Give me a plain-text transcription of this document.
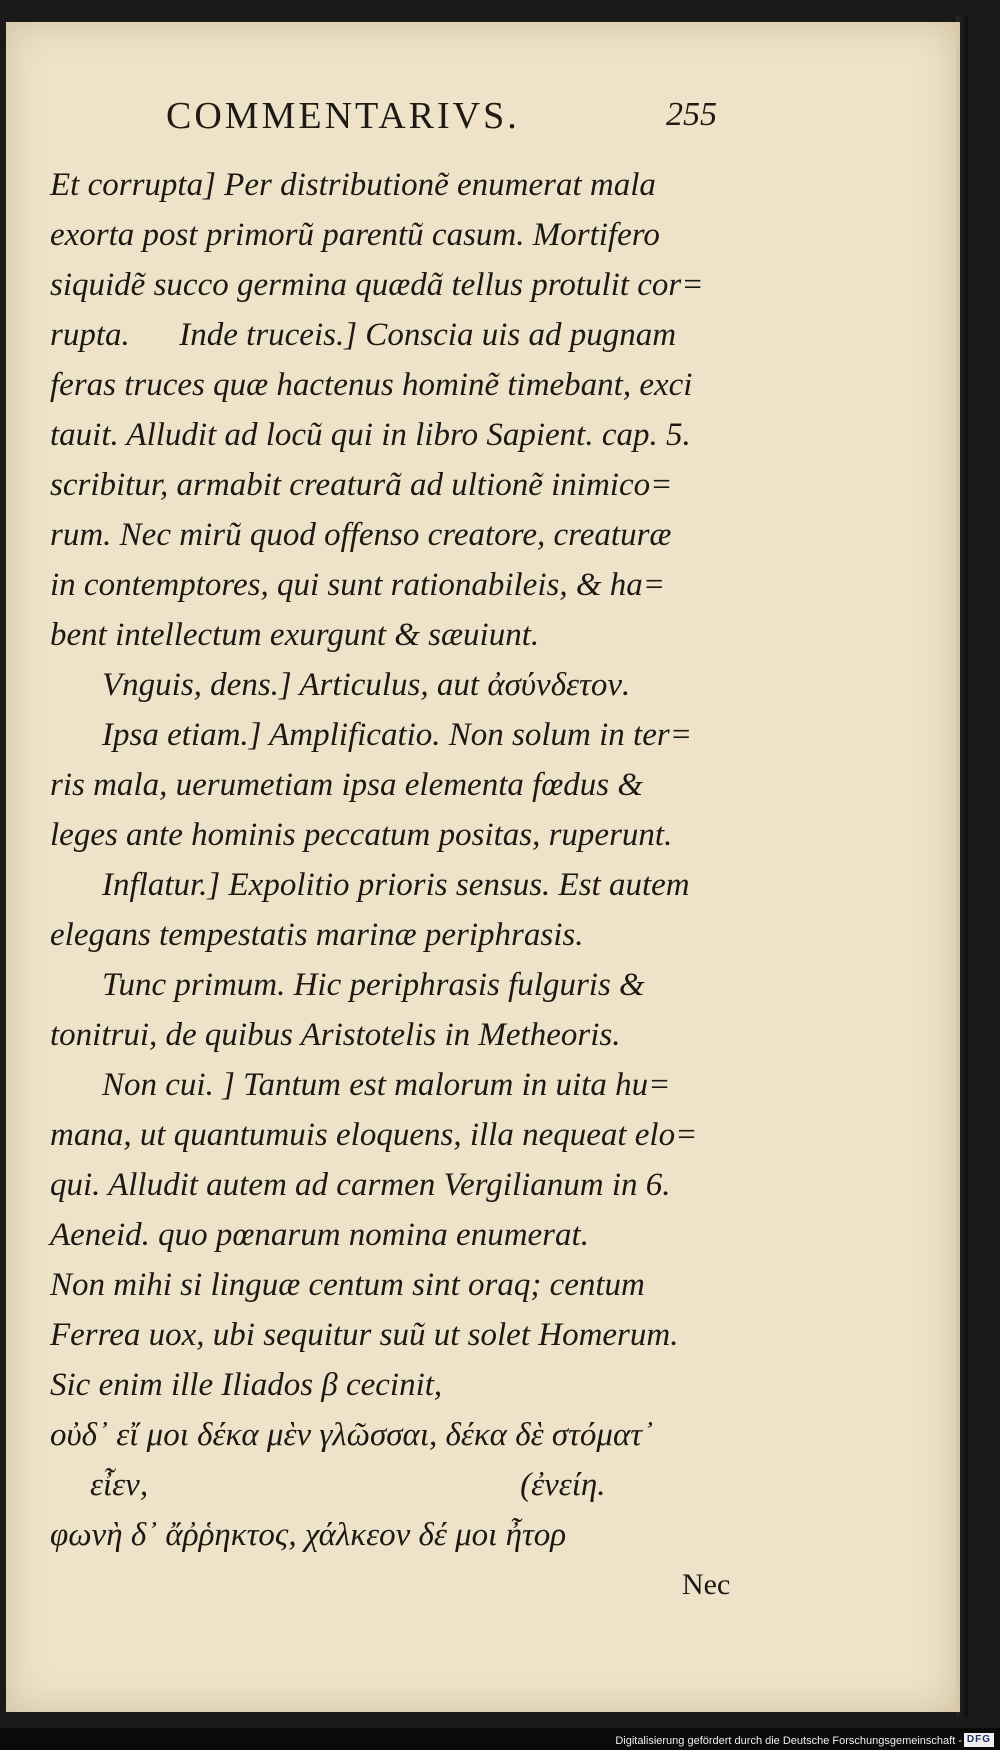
COMMENTARIVS.	255
Et corrupta] Per distributionẽ enumerat mala
exorta post primorũ parentũ casum. Mortifero
siquidẽ succo germina quædã tellus protulit cor=
rupta.      Inde truceis.] Conscia uis ad pugnam
feras truces quæ hactenus hominẽ timebant, exci
tauit. Alludit ad locũ qui in libro Sapient. cap. 5.
scribitur, armabit creaturã ad ultionẽ inimico=
rum. Nec mirũ quod offenso creatore, creaturæ
in contemptores, qui sunt rationabileis, & ha=
bent intellectum exurgunt & sæuiunt.
Vnguis, dens.] Articulus, aut ἀσύνδετον.
Ipsa etiam.] Amplificatio. Non solum in ter=
ris mala, uerumetiam ipsa elementa fœdus &
leges ante hominis peccatum positas, ruperunt.
Inflatur.] Expolitio prioris sensus. Est autem
elegans tempestatis marinæ periphrasis.
Tunc primum. Hic periphrasis fulguris &
tonitrui, de quibus Aristotelis in Metheoris.
Non cui. ] Tantum est malorum in uita hu=
mana, ut quantumuis eloquens, illa nequeat elo=
qui. Alludit autem ad carmen Vergilianum in 6.
Aeneid. quo pœnarum nomina enumerat.
Non mihi si linguæ centum sint oraq; centum
Ferrea uox, ubi sequitur suũ ut solet Homerum.
Sic enim ille Iliados β cecinit,
οὐδ᾽ εἴ μοι δέκα μὲν γλῶσσαι, δέκα δὲ στόματ᾽
εἶεν,	(ἐνείη.
φωνὴ δ᾽ ἄῤῥηκτος, χάλκεον δέ μοι ἦτορ
Nec
Digitalisierung gefördert durch die Deutsche Forschungsgemeinschaft - DFG
